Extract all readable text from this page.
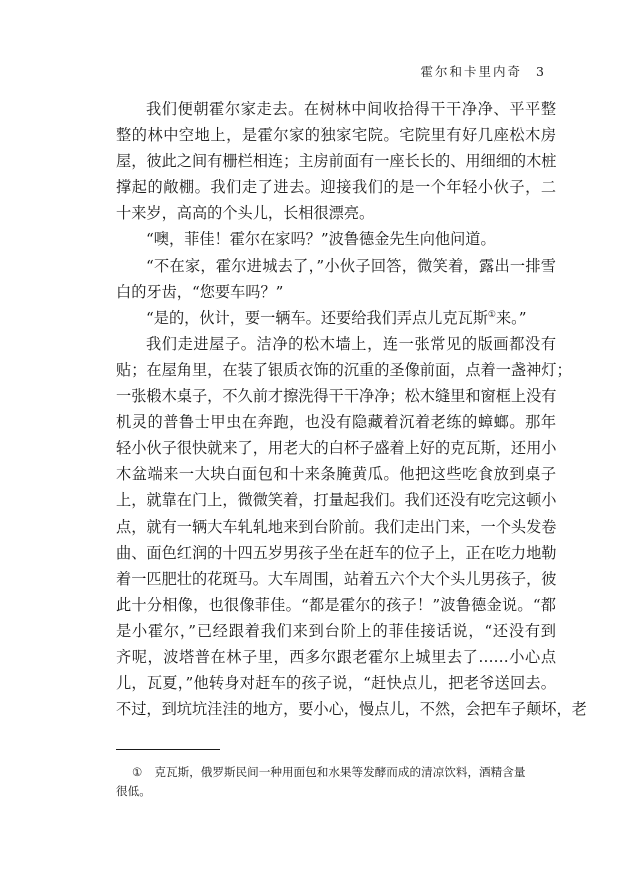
霍尔和卡里内奇 3
我们便朝霍尔家走去。在树林中间收拾得干干净净、平平整
整的林中空地上，是霍尔家的独家宅院。宅院里有好几座松木房
屋，彼此之间有栅栏相连；主房前面有一座长长的、用细细的木桩
撑起的敞棚。我们走了进去。迎接我们的是一个年轻小伙子，二
十来岁，高高的个头儿，长相很漂亮。
“噢，菲佳！霍尔在家吗？”波鲁德金先生向他问道。
“不在家，霍尔进城去了，”小伙子回答，微笑着，露出一排雪
白的牙齿，“您要车吗？”
“是的，伙计，要一辆车。还要给我们弄点儿克瓦斯①来。”
我们走进屋子。洁净的松木墙上，连一张常见的版画都没有
贴；在屋角里，在装了银质衣饰的沉重的圣像前面，点着一盏神灯；
一张椴木桌子，不久前才擦洗得干干净净；松木缝里和窗框上没有
机灵的普鲁士甲虫在奔跑，也没有隐藏着沉着老练的蟑螂。那年
轻小伙子很快就来了，用老大的白杯子盛着上好的克瓦斯，还用小
木盆端来一大块白面包和十来条腌黄瓜。他把这些吃食放到桌子
上，就靠在门上，微微笑着，打量起我们。我们还没有吃完这顿小
点，就有一辆大车轧轧地来到台阶前。我们走出门来，一个头发卷
曲、面色红润的十四五岁男孩子坐在赶车的位子上，正在吃力地勒
着一匹肥壮的花斑马。大车周围，站着五六个大个头儿男孩子，彼
此十分相像，也很像菲佳。“都是霍尔的孩子！”波鲁德金说。“都
是小霍尔，”已经跟着我们来到台阶上的菲佳接话说，“还没有到
齐呢，波塔普在林子里，西多尔跟老霍尔上城里去了……小心点
儿，瓦夏，”他转身对赶车的孩子说，“赶快点儿，把老爷送回去。
不过，到坑坑洼洼的地方，要小心，慢点儿，不然，会把车子颠坏，老
① 克瓦斯，俄罗斯民间一种用面包和水果等发酵而成的清凉饮料，酒精含量
很低。
